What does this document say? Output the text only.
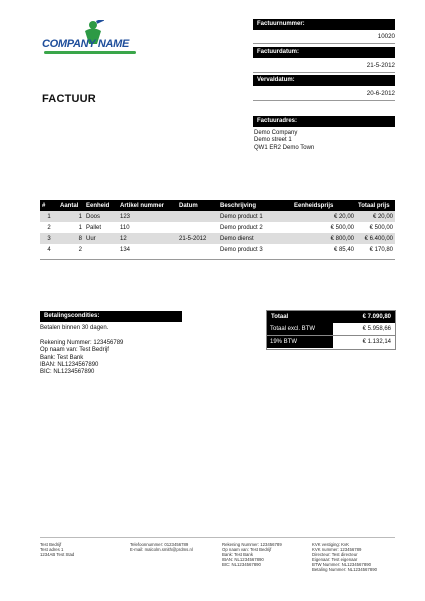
COMPANY NAME
FACTUUR
Factuurnummer:
10020
Factuurdatum:
21-5-2012
Vervaldatum:
20-6-2012
Factuuradres:
Demo Company
Demo street 1
QW1 ER2 Demo Town
#	Aantal	Eenheid	Artikel nummer	Datum	Beschrijving	Eenheidsprijs	Totaal prijs
1	1	Doos	123		Demo product 1	€ 20,00	€ 20,00
2	1	Pallet	110		Demo product 2	€ 500,00	€ 500,00
3	8	Uur	12	21-5-2012	Demo dienst	€ 800,00	€ 6.400,00
4	2		134		Demo product 3	€ 85,40	€ 170,80
Betalingscondities:
Betalen binnen 30 dagen.
Rekening Nummer: 123456789
Op naam van: Test Bedrijf
Bank: Test Bank
IBAN: NL1234567890
BIC: NL1234567890
Totaal	€ 7.090,80
Totaal excl. BTW	€ 5.958,66
19% BTW	€ 1.132,14
Test Bedrijf
Test adres 1
1234AB Test Stad
Telefoonnummer: 0123456789
E-mail: malcolm.smith@prdms.nl
Rekening Nummer: 123456789
Op naam van: Test Bedrijf
Bank: Test Bank
IBAN: NL1234567890
BIC: NL1234567890
KVK vestiging: KvK
KVK nummer: 123456789
Directeur: Test directeur
Eigenaar: Test eigenaar
BTW Nummer: NL1234567890
Betaling Nummer: NL1234567890
